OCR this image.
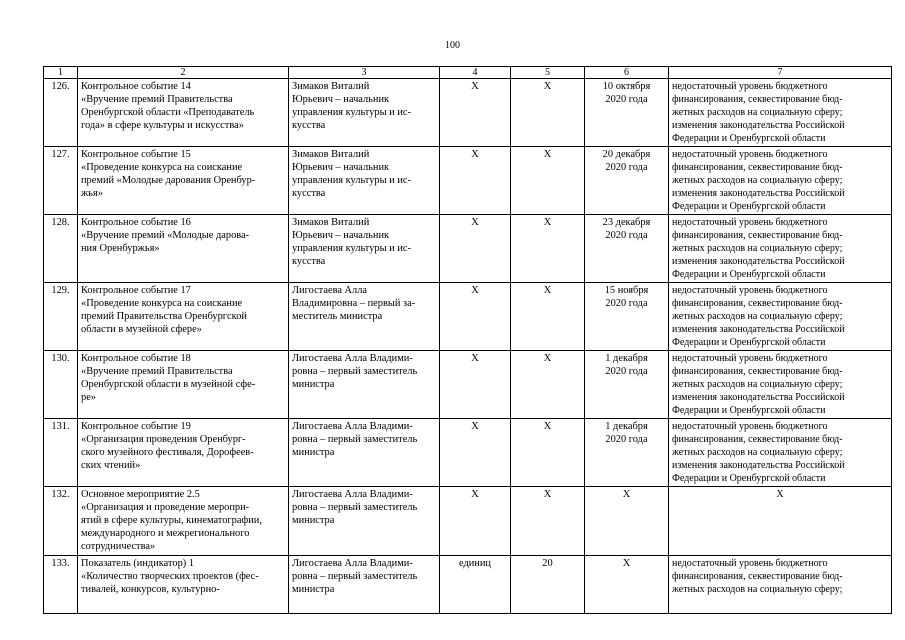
100
1	2	3	4	5	6	7
126.	Контрольное событие 14
«Вручение премий Правительства
Оренбургской области «Преподаватель
года» в сфере культуры и искусства»	Зимаков Виталий
Юрьевич – начальник
управления культуры и ис-
кусства	Х	Х	10 октября
2020 года	недостаточный уровень бюджетного
финансирования, секвестирование бюд-
жетных расходов на социальную сферу;
изменения законодательства Российской
Федерации и Оренбургской области
127.	Контрольное событие 15
«Проведение конкурса на соискание
премий «Молодые дарования Оренбур-
жья»	Зимаков Виталий
Юрьевич – начальник
управления культуры и ис-
кусства	Х	Х	20 декабря
2020 года	недостаточный уровень бюджетного
финансирования, секвестирование бюд-
жетных расходов на социальную сферу;
изменения законодательства Российской
Федерации и Оренбургской области
128.	Контрольное событие 16
«Вручение премий «Молодые дарова-
ния Оренбуржья»	Зимаков Виталий
Юрьевич – начальник
управления культуры и ис-
кусства	Х	Х	23 декабря
2020 года	недостаточный уровень бюджетного
финансирования, секвестирование бюд-
жетных расходов на социальную сферу;
изменения законодательства Российской
Федерации и Оренбургской области
129.	Контрольное событие 17
«Проведение конкурса на соискание
премий Правительства Оренбургской
области в музейной сфере»	Лигостаева Алла
Владимировна – первый за-
меститель министра	Х	Х	15 ноября
2020 года	недостаточный уровень бюджетного
финансирования, секвестирование бюд-
жетных расходов на социальную сферу;
изменения законодательства Российской
Федерации и Оренбургской области
130.	Контрольное событие 18
«Вручение премий Правительства
Оренбургской области в музейной сфе-
ре»	Лигостаева Алла Владими-
ровна – первый заместитель
министра	Х	Х	1 декабря
2020 года	недостаточный уровень бюджетного
финансирования, секвестирование бюд-
жетных расходов на социальную сферу;
изменения законодательства Российской
Федерации и Оренбургской области
131.	Контрольное событие 19
«Организация проведения Оренбург-
ского музейного фестиваля, Дорофеев-
ских чтений»	Лигостаева Алла Владими-
ровна – первый заместитель
министра	Х	Х	1 декабря
2020 года	недостаточный уровень бюджетного
финансирования, секвестирование бюд-
жетных расходов на социальную сферу;
изменения законодательства Российской
Федерации и Оренбургской области
132.	Основное мероприятие 2.5
«Организация и проведение меропри-
ятий в сфере культуры, кинематографии,
международного и межрегионального
сотрудничества»	Лигостаева Алла Владими-
ровна – первый заместитель
министра	Х	Х	Х	Х
133.	Показатель (индикатор) 1
«Количество творческих проектов (фес-
тивалей, конкурсов, культурно-	Лигостаева Алла Владими-
ровна – первый заместитель
министра	единиц	20	Х	недостаточный уровень бюджетного
финансирования, секвестирование бюд-
жетных расходов на социальную сферу;
